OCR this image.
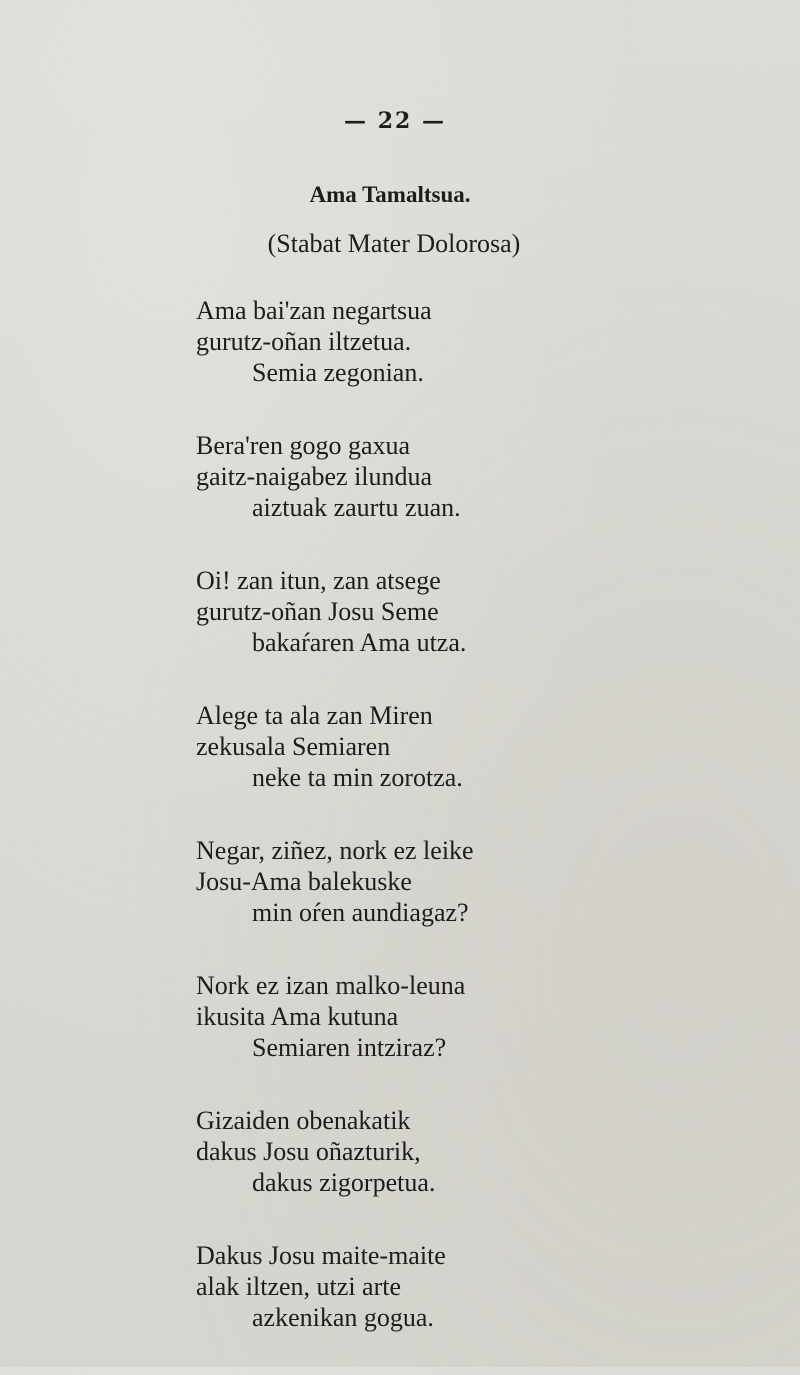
— 22 —
Ama Tamaltsua.
(Stabat Mater Dolorosa)
Ama bai'zan negartsua
gurutz-oñan iltzetua.
Semia zegonian.
Bera'ren gogo gaxua
gaitz-naigabez ilundua
aiztuak zaurtu zuan.
Oi! zan itun, zan atsege
gurutz-oñan Josu Seme
bakaŕaren Ama utza.
Alege ta ala zan Miren
zekusala Semiaren
neke ta min zorotza.
Negar, ziñez, nork ez leike
Josu-Ama balekuske
min oŕen aundiagaz?
Nork ez izan malko-leuna
ikusita Ama kutuna
Semiaren intziraz?
Gizaiden obenakatik
dakus Josu oñazturik,
dakus zigorpetua.
Dakus Josu maite-maite
alak iltzen, utzi arte
azkenikan gogua.
